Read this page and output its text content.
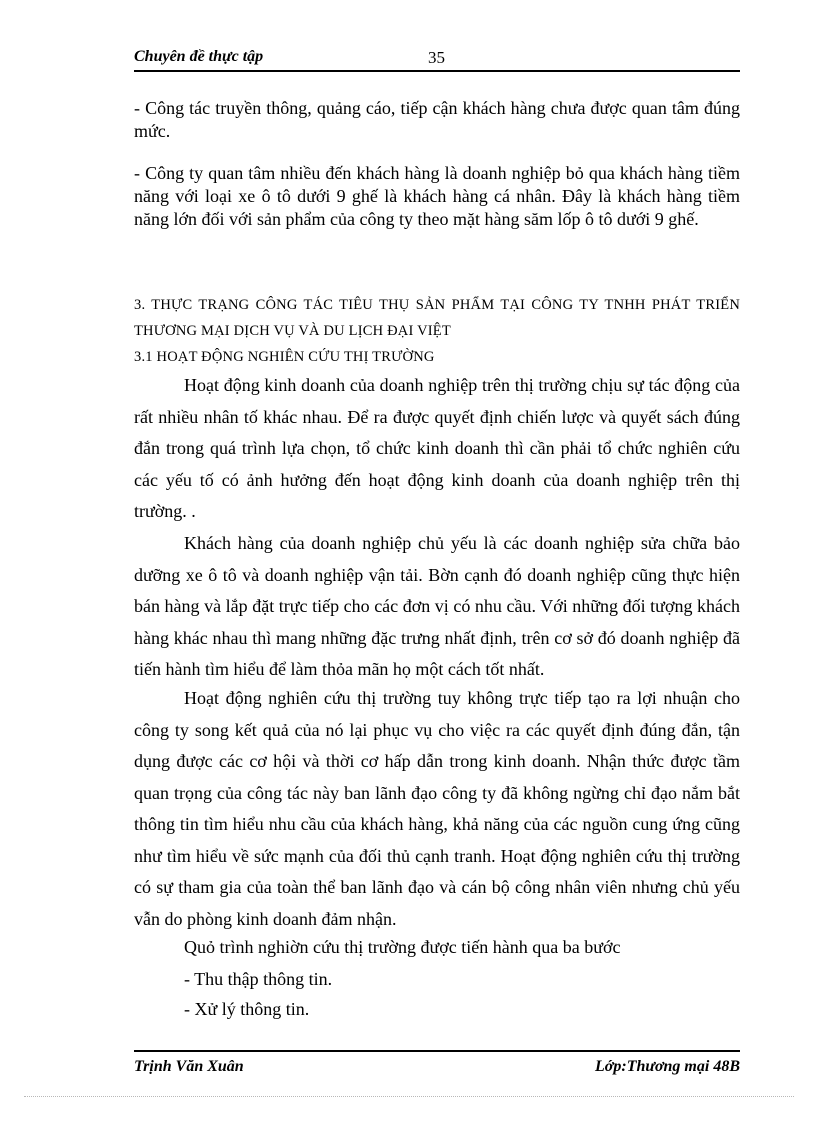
Chuyên đề thực tập	35

- Công tác truyền thông, quảng cáo, tiếp cận khách hàng chưa được quan tâm đúng mức.

- Công ty quan tâm nhiều đến khách hàng là doanh nghiệp bỏ qua khách hàng tiềm năng với loại xe ô tô dưới 9 ghế là khách hàng cá nhân. Đây là khách hàng tiềm năng lớn đối với sản phẩm của công ty theo mặt hàng săm lốp ô tô dưới 9 ghế.

3. THỰC TRẠNG CÔNG TÁC TIÊU THỤ SẢN PHẨM TẠI CÔNG TY TNHH PHÁT TRIỂN THƯƠNG MẠI DỊCH VỤ VÀ DU LỊCH ĐẠI VIỆT

3.1 HOẠT ĐỘNG NGHIÊN CỨU THỊ TRƯỜNG

Hoạt động kinh doanh của doanh nghiệp trên thị trường chịu sự tác động của rất nhiều nhân tố khác nhau. Để ra được quyết định chiến lược và quyết sách đúng đắn trong quá trình lựa chọn, tổ chức kinh doanh thì cần phải tổ chức nghiên cứu các yếu tố có ảnh hưởng đến hoạt động kinh doanh của doanh nghiệp trên thị trường. .

Khách hàng của doanh nghiệp chủ yếu là các doanh nghiệp sửa chữa bảo dưỡng xe ô tô và doanh nghiệp vận tải. Bờn cạnh đó doanh nghiệp cũng thực hiện bán hàng và lắp đặt trực tiếp cho các đơn vị có nhu cầu. Với những đối tượng khách hàng khác nhau thì mang những đặc trưng nhất định, trên cơ sở đó doanh nghiệp đã tiến hành tìm hiểu để làm thỏa mãn họ một cách tốt nhất.

Hoạt động nghiên cứu thị trường tuy không trực tiếp tạo ra lợi nhuận cho công ty song kết quả của nó lại phục vụ cho việc ra các quyết định đúng đắn, tận dụng được các cơ hội và thời cơ hấp dẫn trong kinh doanh. Nhận thức được tầm quan trọng của công tác này ban lãnh đạo công ty đã không ngừng chỉ đạo nắm bắt thông tin tìm hiểu nhu cầu của khách hàng, khả năng của các nguồn cung ứng cũng như tìm hiểu về sức mạnh của đối thủ cạnh tranh. Hoạt động nghiên cứu thị trường có sự tham gia của toàn thể ban lãnh đạo và cán bộ công nhân viên nhưng chủ yếu vẫn do phòng kinh doanh đảm nhận.

Quỏ trình nghiờn cứu thị trường được tiến hành qua ba bước

- Thu thập thông tin.

- Xử lý thông tin.

Trịnh Văn Xuân	Lớp:Thương mại 48B
